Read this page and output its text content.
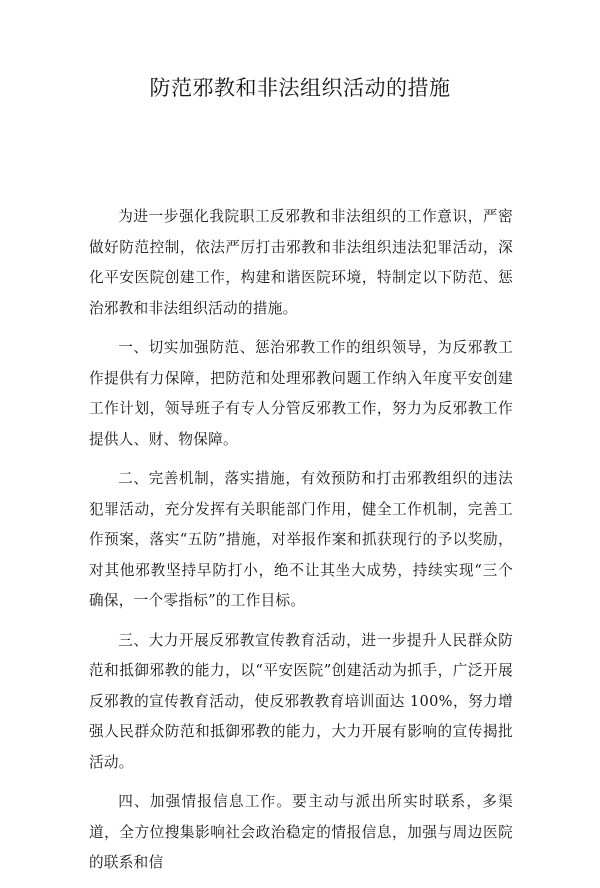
防范邪教和非法组织活动的措施

为进一步强化我院职工反邪教和非法组织的工作意识，严密做好防范控制，依法严厉打击邪教和非法组织违法犯罪活动，深化平安医院创建工作，构建和谐医院环境，特制定以下防范、惩治邪教和非法组织活动的措施。

一、切实加强防范、惩治邪教工作的组织领导，为反邪教工作提供有力保障，把防范和处理邪教问题工作纳入年度平安创建工作计划，领导班子有专人分管反邪教工作，努力为反邪教工作提供人、财、物保障。

二、完善机制，落实措施，有效预防和打击邪教组织的违法犯罪活动，充分发挥有关职能部门作用，健全工作机制，完善工作预案，落实“五防”措施，对举报作案和抓获现行的予以奖励，对其他邪教坚持早防打小，绝不让其坐大成势，持续实现“三个确保，一个零指标”的工作目标。

三、大力开展反邪教宣传教育活动，进一步提升人民群众防范和抵御邪教的能力，以“平安医院”创建活动为抓手，广泛开展反邪教的宣传教育活动，使反邪教教育培训面达 100%，努力增强人民群众防范和抵御邪教的能力，大力开展有影响的宣传揭批活动。

四、加强情报信息工作。要主动与派出所实时联系，多渠道，全方位搜集影响社会政治稳定的情报信息，加强与周边医院的联系和信
